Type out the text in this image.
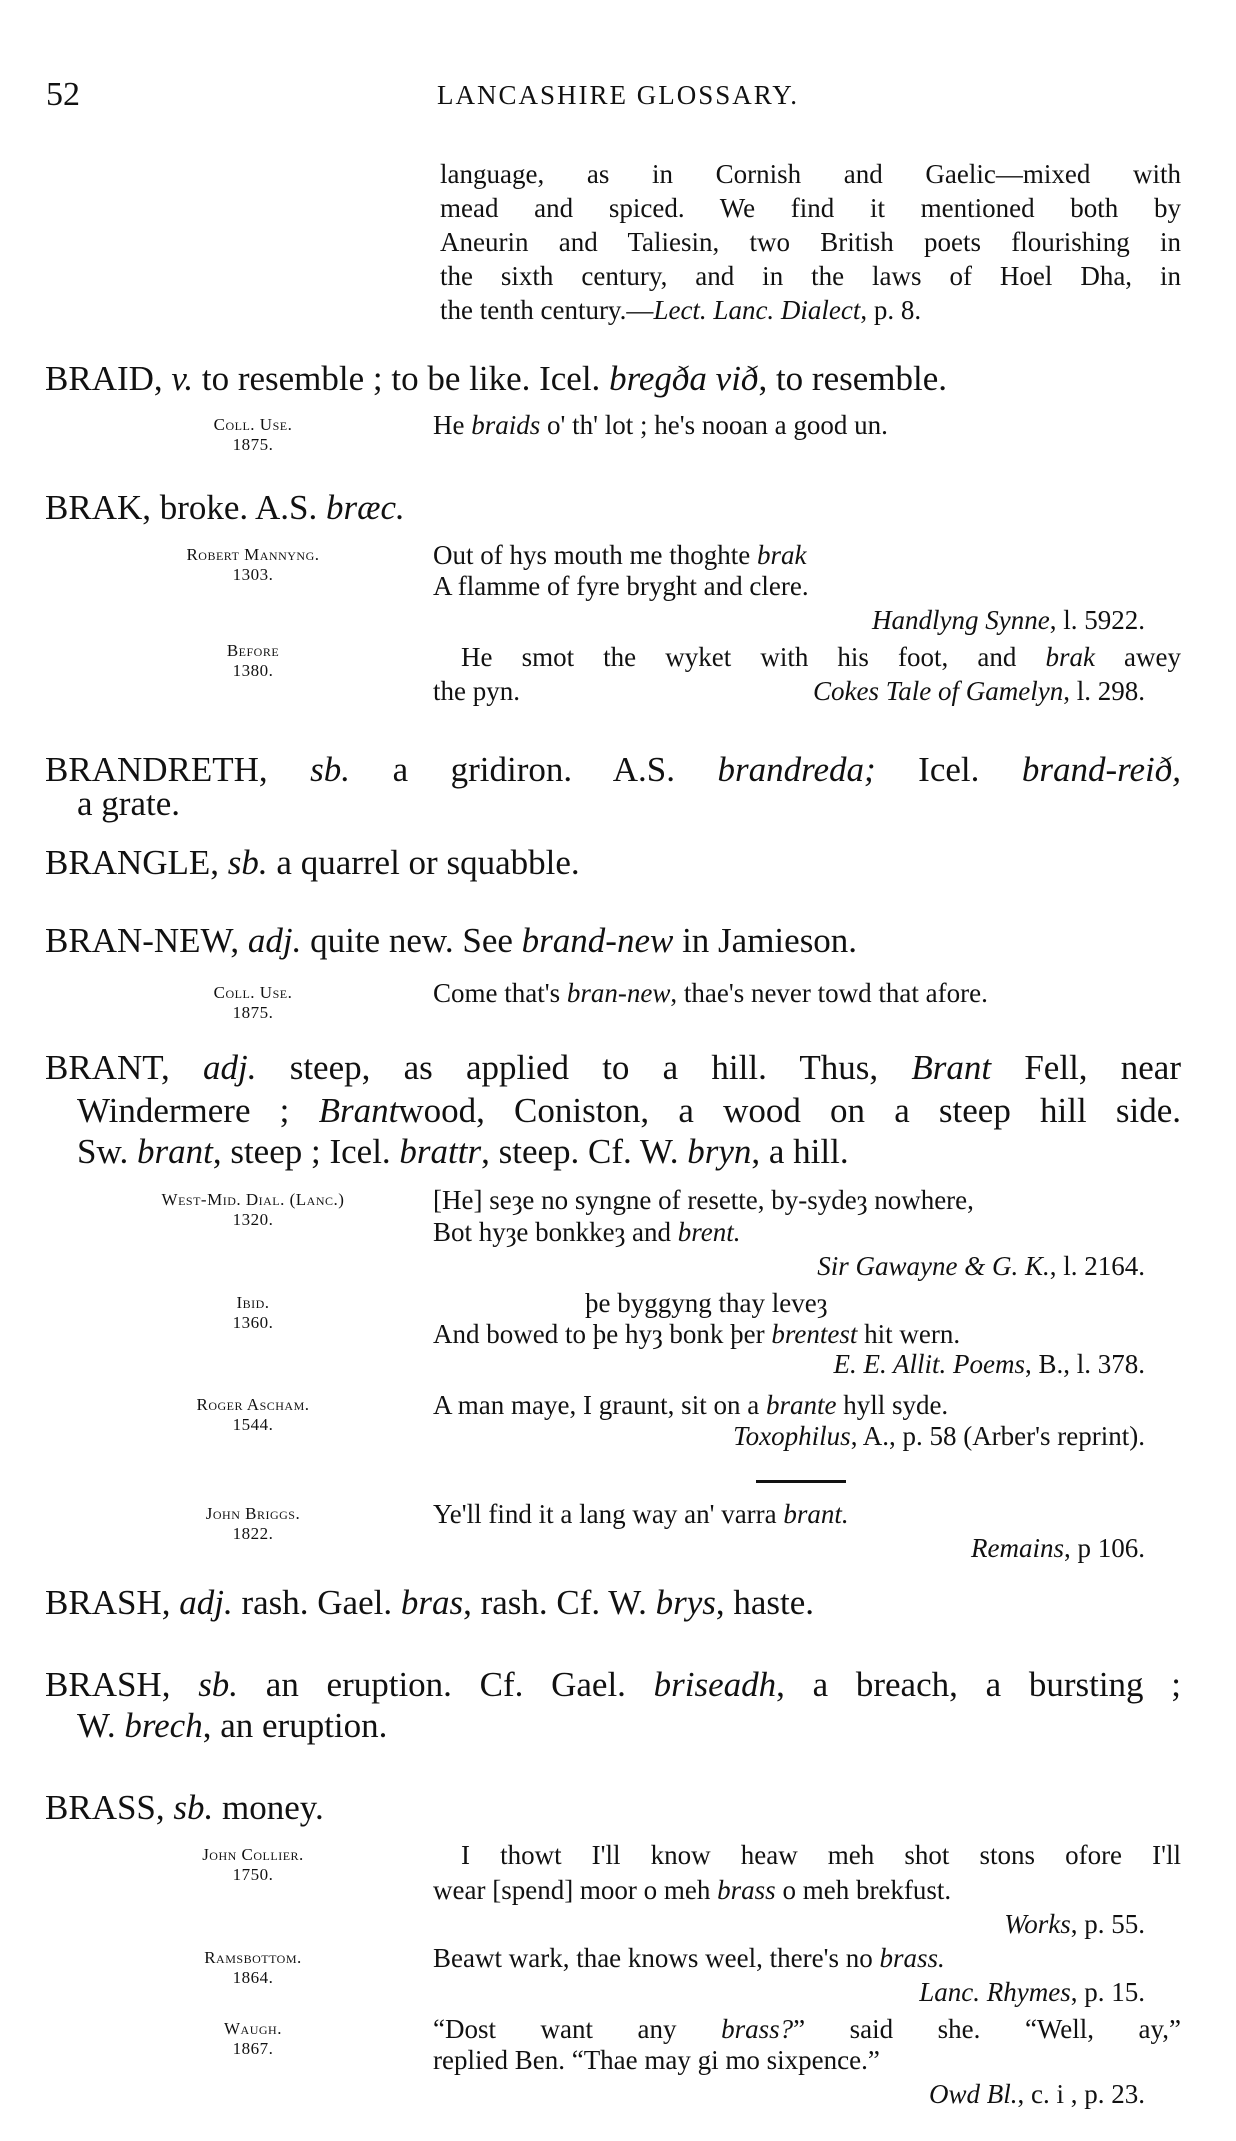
52	LANCASHIRE GLOSSARY.
language, as in Cornish and Gaelic—mixed with
mead and spiced. We find it mentioned both by
Aneurin and Taliesin, two British poets flourishing in
the sixth century, and in the laws of Hoel Dha, in
the tenth century.—Lect. Lanc. Dialect, p. 8.
BRAID, v. to resemble ; to be like. Icel. bregða við, to resemble.
Coll. Use.
1875.
He braids o' th' lot ; he's nooan a good un.
BRAK, broke. A.S. bræc.
Robert Mannyng.
1303.
Out of hys mouth me thoghte brak
A flamme of fyre bryght and clere.
Handlyng Synne, l. 5922.
Before
1380.	He smot the wyket with his foot, and brak awey
the pyn.	Cokes Tale of Gamelyn, l. 298.
BRANDRETH, sb. a gridiron. A.S. brandreda; Icel. brand-reið,
a grate.
BRANGLE, sb. a quarrel or squabble.
BRAN-NEW, adj. quite new. See brand-new in Jamieson.
Coll. Use.
1875.
Come that's bran-new, thae's never towd that afore.
BRANT, adj. steep, as applied to a hill. Thus, Brant Fell, near
Windermere ; Brantwood, Coniston, a wood on a steep hill side.
Sw. brant, steep ; Icel. brattr, steep. Cf. W. bryn, a hill.
West-Mid. Dial. (Lanc.)
1320.
[He] seȝe no syngne of resette, by-sydeȝ nowhere,
Bot hyȝe bonkkeȝ and brent.
Sir Gawayne & G. K., l. 2164.
Ibid.
1360.
þe byggyng thay leveȝ
And bowed to þe hyȝ bonk þer brentest hit wern.
E. E. Allit. Poems, B., l. 378.
Roger Ascham.
1544.
A man maye, I graunt, sit on a brante hyll syde.
Toxophilus, A., p. 58 (Arber's reprint).
John Briggs.
1822.
Ye'll find it a lang way an' varra brant.
Remains, p 106.
BRASH, adj. rash. Gael. bras, rash. Cf. W. brys, haste.
BRASH, sb. an eruption. Cf. Gael. briseadh, a breach, a bursting ;
W. brech, an eruption.
BRASS, sb. money.
John Collier.
1750.
I thowt I'll know heaw meh shot stons ofore I'll
wear [spend] moor o meh brass o meh brekfust.
Works, p. 55.
Ramsbottom.
1864.
Beawt wark, thae knows weel, there's no brass.
Lanc. Rhymes, p. 15.
Waugh.
1867.
“Dost want any brass?” said she. “Well, ay,”
replied Ben. “Thae may gi mo sixpence.”
Owd Bl., c. i , p. 23.
